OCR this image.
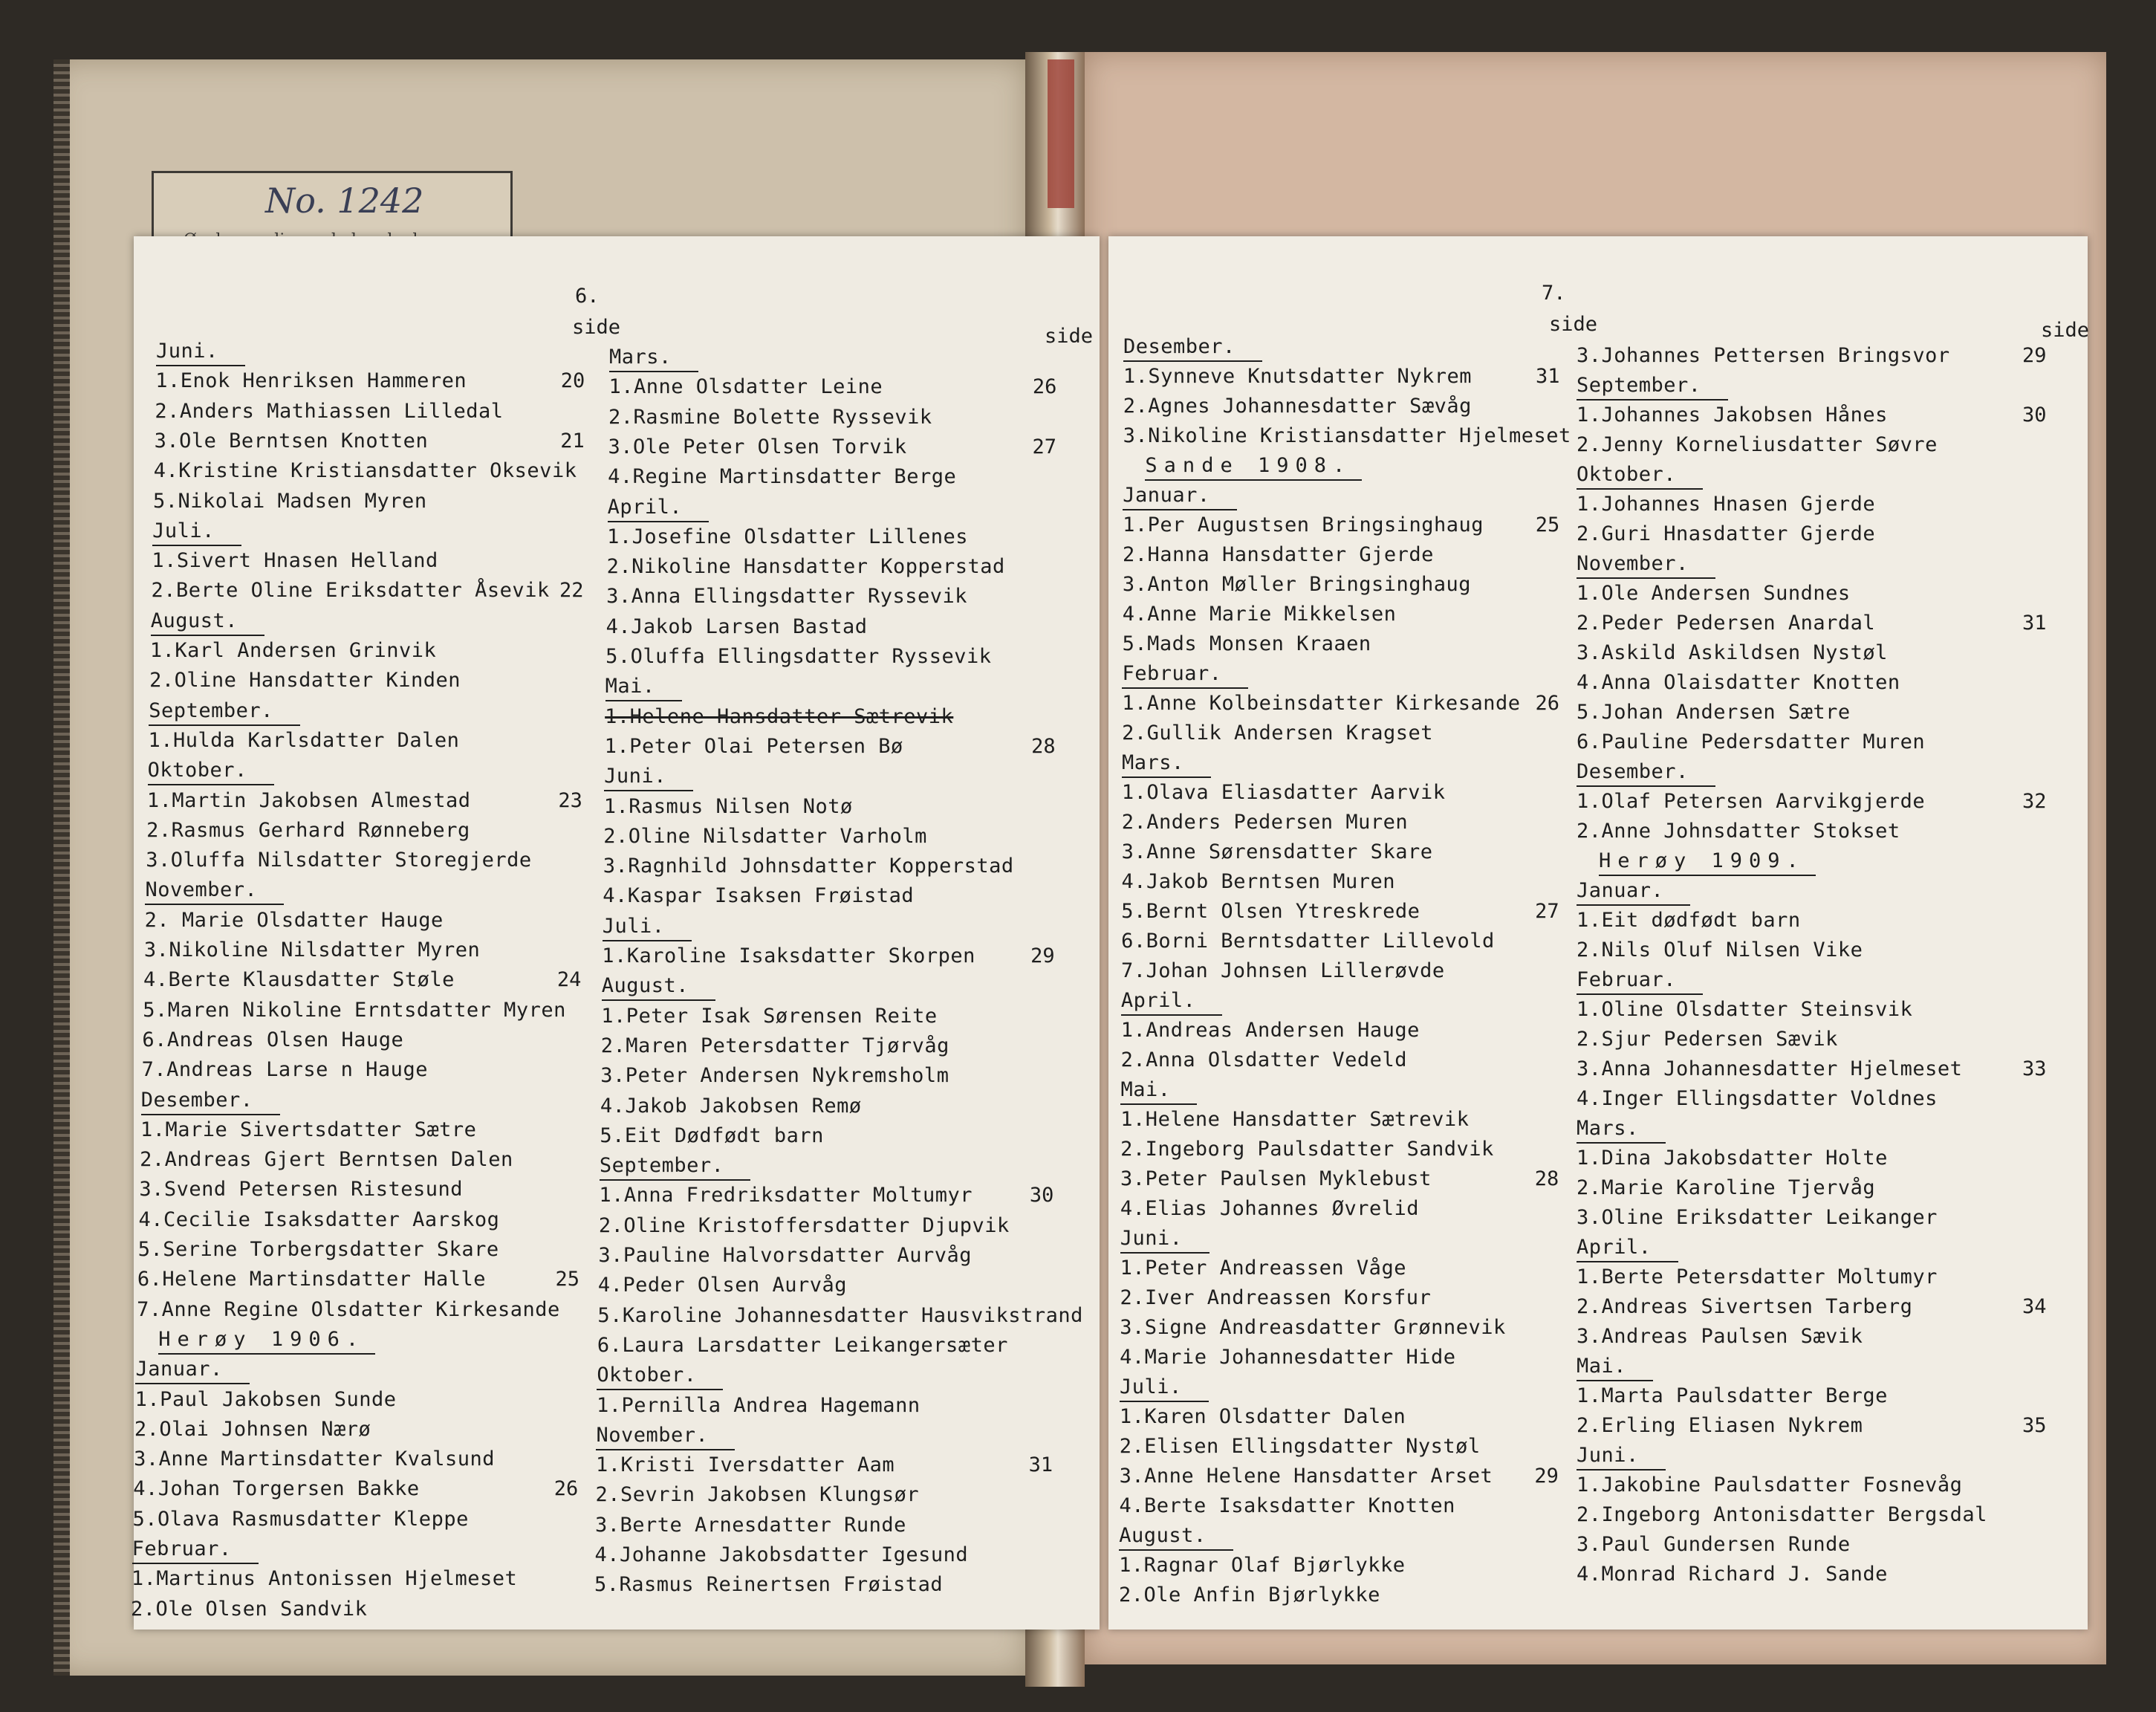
No. 1242
6.
side
Juni.
1.Enok Henriksen Hammeren	20
2.Anders Mathiassen Lilledal
3.Ole Berntsen Knotten	21
4.Kristine Kristiansdatter Oksevik
5.Nikolai Madsen Myren
Juli.
1.Sivert Hnasen Helland
2.Berte Oline Eriksdatter Åsevik 22
August.
1.Karl Andersen Grinvik
2.Oline Hansdatter Kinden
September.
1.Hulda Karlsdatter Dalen
Oktober.
1.Martin Jakobsen Almestad	23
2.Rasmus Gerhard Rønneberg
3.Oluffa Nilsdatter Storegjerde
November.
2. Marie Olsdatter Hauge
3.Nikoline Nilsdatter Myren
4.Berte Klausdatter Støle	24
5.Maren Nikoline Erntsdatter Myren
6.Andreas Olsen Hauge
7.Andreas Larse n Hauge
Desember.
1.Marie Sivertsdatter Sætre
2.Andreas Gjert Berntsen Dalen
3.Svend Petersen Ristesund
4.Cecilie Isaksdatter Aarskog
5.Serine Torbergsdatter Skare
6.Helene Martinsdatter Halle	25
7.Anne Regine Olsdatter Kirkesande
Herøy 1906.
Januar.
1.Paul Jakobsen Sunde
2.Olai Johnsen Nærø
3.Anne Martinsdatter Kvalsund
4.Johan Torgersen Bakke	26
5.Olava Rasmusdatter Kleppe
Februar.
1.Martinus Antonissen Hjelmeset
2.Ole Olsen Sandvik
side
Mars.
1.Anne Olsdatter Leine	26
2.Rasmine Bolette Ryssevik
3.Ole Peter Olsen Torvik	27
4.Regine Martinsdatter Berge
April.
1.Josefine Olsdatter Lillenes
2.Nikoline Hansdatter Kopperstad
3.Anna Ellingsdatter Ryssevik
4.Jakob Larsen Bastad
5.Oluffa Ellingsdatter Ryssevik
Mai.
1.Helene Hansdatter Sætrevik
1.Peter Olai Petersen Bø	28
Juni.
1.Rasmus Nilsen Notø
2.Oline Nilsdatter Varholm
3.Ragnhild Johnsdatter Kopperstad
4.Kaspar Isaksen Frøistad
Juli.
1.Karoline Isaksdatter Skorpen	29
August.
1.Peter Isak Sørensen Reite
2.Maren Petersdatter Tjørvåg
3.Peter Andersen Nykremsholm
4.Jakob Jakobsen Remø
5.Eit Dødfødt barn
September.
1.Anna Fredriksdatter Moltumyr	30
2.Oline Kristoffersdatter Djupvik
3.Pauline Halvorsdatter Aurvåg
4.Peder Olsen Aurvåg
5.Karoline Johannesdatter Hausvikstrand
6.Laura Larsdatter Leikangersæter
Oktober.
1.Pernilla Andrea Hagemann
November.
1.Kristi Iversdatter Aam	31
2.Sevrin Jakobsen Klungsør
3.Berte Arnesdatter Runde
4.Johanne Jakobsdatter Igesund
5.Rasmus Reinertsen Frøistad
7.
side
Desember.
1.Synneve Knutsdatter Nykrem	31
2.Agnes Johannesdatter Sævåg
3.Nikoline Kristiansdatter Hjelmeset
Sande 1908.
Januar.
1.Per Augustsen Bringsinghaug	25
2.Hanna Hansdatter Gjerde
3.Anton Møller Bringsinghaug
4.Anne Marie Mikkelsen
5.Mads Monsen Kraaen
Februar.
1.Anne Kolbeinsdatter Kirkesande 26
2.Gullik Andersen Kragset
Mars.
1.Olava Eliasdatter Aarvik
2.Anders Pedersen Muren
3.Anne Sørensdatter Skare
4.Jakob Berntsen Muren
5.Bernt Olsen Ytreskrede	27
6.Borni Berntsdatter Lillevold
7.Johan Johnsen Lillerøvde
April.
1.Andreas Andersen Hauge
2.Anna Olsdatter Vedeld
Mai.
1.Helene Hansdatter Sætrevik
2.Ingeborg Paulsdatter Sandvik
3.Peter Paulsen Myklebust	28
4.Elias Johannes Øvrelid
Juni.
1.Peter Andreassen Våge
2.Iver Andreassen Korsfur
3.Signe Andreasdatter Grønnevik
4.Marie Johannesdatter Hide
Juli.
1.Karen Olsdatter Dalen
2.Elisen Ellingsdatter Nystøl
3.Anne Helene Hansdatter Arset 29
4.Berte Isaksdatter Knotten
August.
1.Ragnar Olaf Bjørlykke
2.Ole Anfin Bjørlykke
side
3.Johannes Pettersen Bringsvor	29
September.
1.Johannes Jakobsen Hånes	30
2.Jenny Korneliusdatter Søvre
Oktober.
1.Johannes Hnasen Gjerde
2.Guri Hnasdatter Gjerde
November.
1.Ole Andersen Sundnes
2.Peder Pedersen Anardal	31
3.Askild Askildsen Nystøl
4.Anna Olaisdatter Knotten
5.Johan Andersen Sætre
6.Pauline Pedersdatter Muren
Desember.
1.Olaf Petersen Aarvikgjerde	32
2.Anne Johnsdatter Stokset
Herøy 1909.
Januar.
1.Eit dødfødt barn
2.Nils Oluf Nilsen Vike
Februar.
1.Oline Olsdatter Steinsvik
2.Sjur Pedersen Sævik
3.Anna Johannesdatter Hjelmeset	33
4.Inger Ellingsdatter Voldnes
Mars.
1.Dina Jakobsdatter Holte
2.Marie Karoline Tjervåg
3.Oline Eriksdatter Leikanger
April.
1.Berte Petersdatter Moltumyr
2.Andreas Sivertsen Tarberg	34
3.Andreas Paulsen Sævik
Mai.
1.Marta Paulsdatter Berge
2.Erling Eliasen Nykrem	35
Juni.
1.Jakobine Paulsdatter Fosnevåg
2.Ingeborg Antonisdatter Bergsdal
3.Paul Gundersen Runde
4.Monrad Richard J. Sande
